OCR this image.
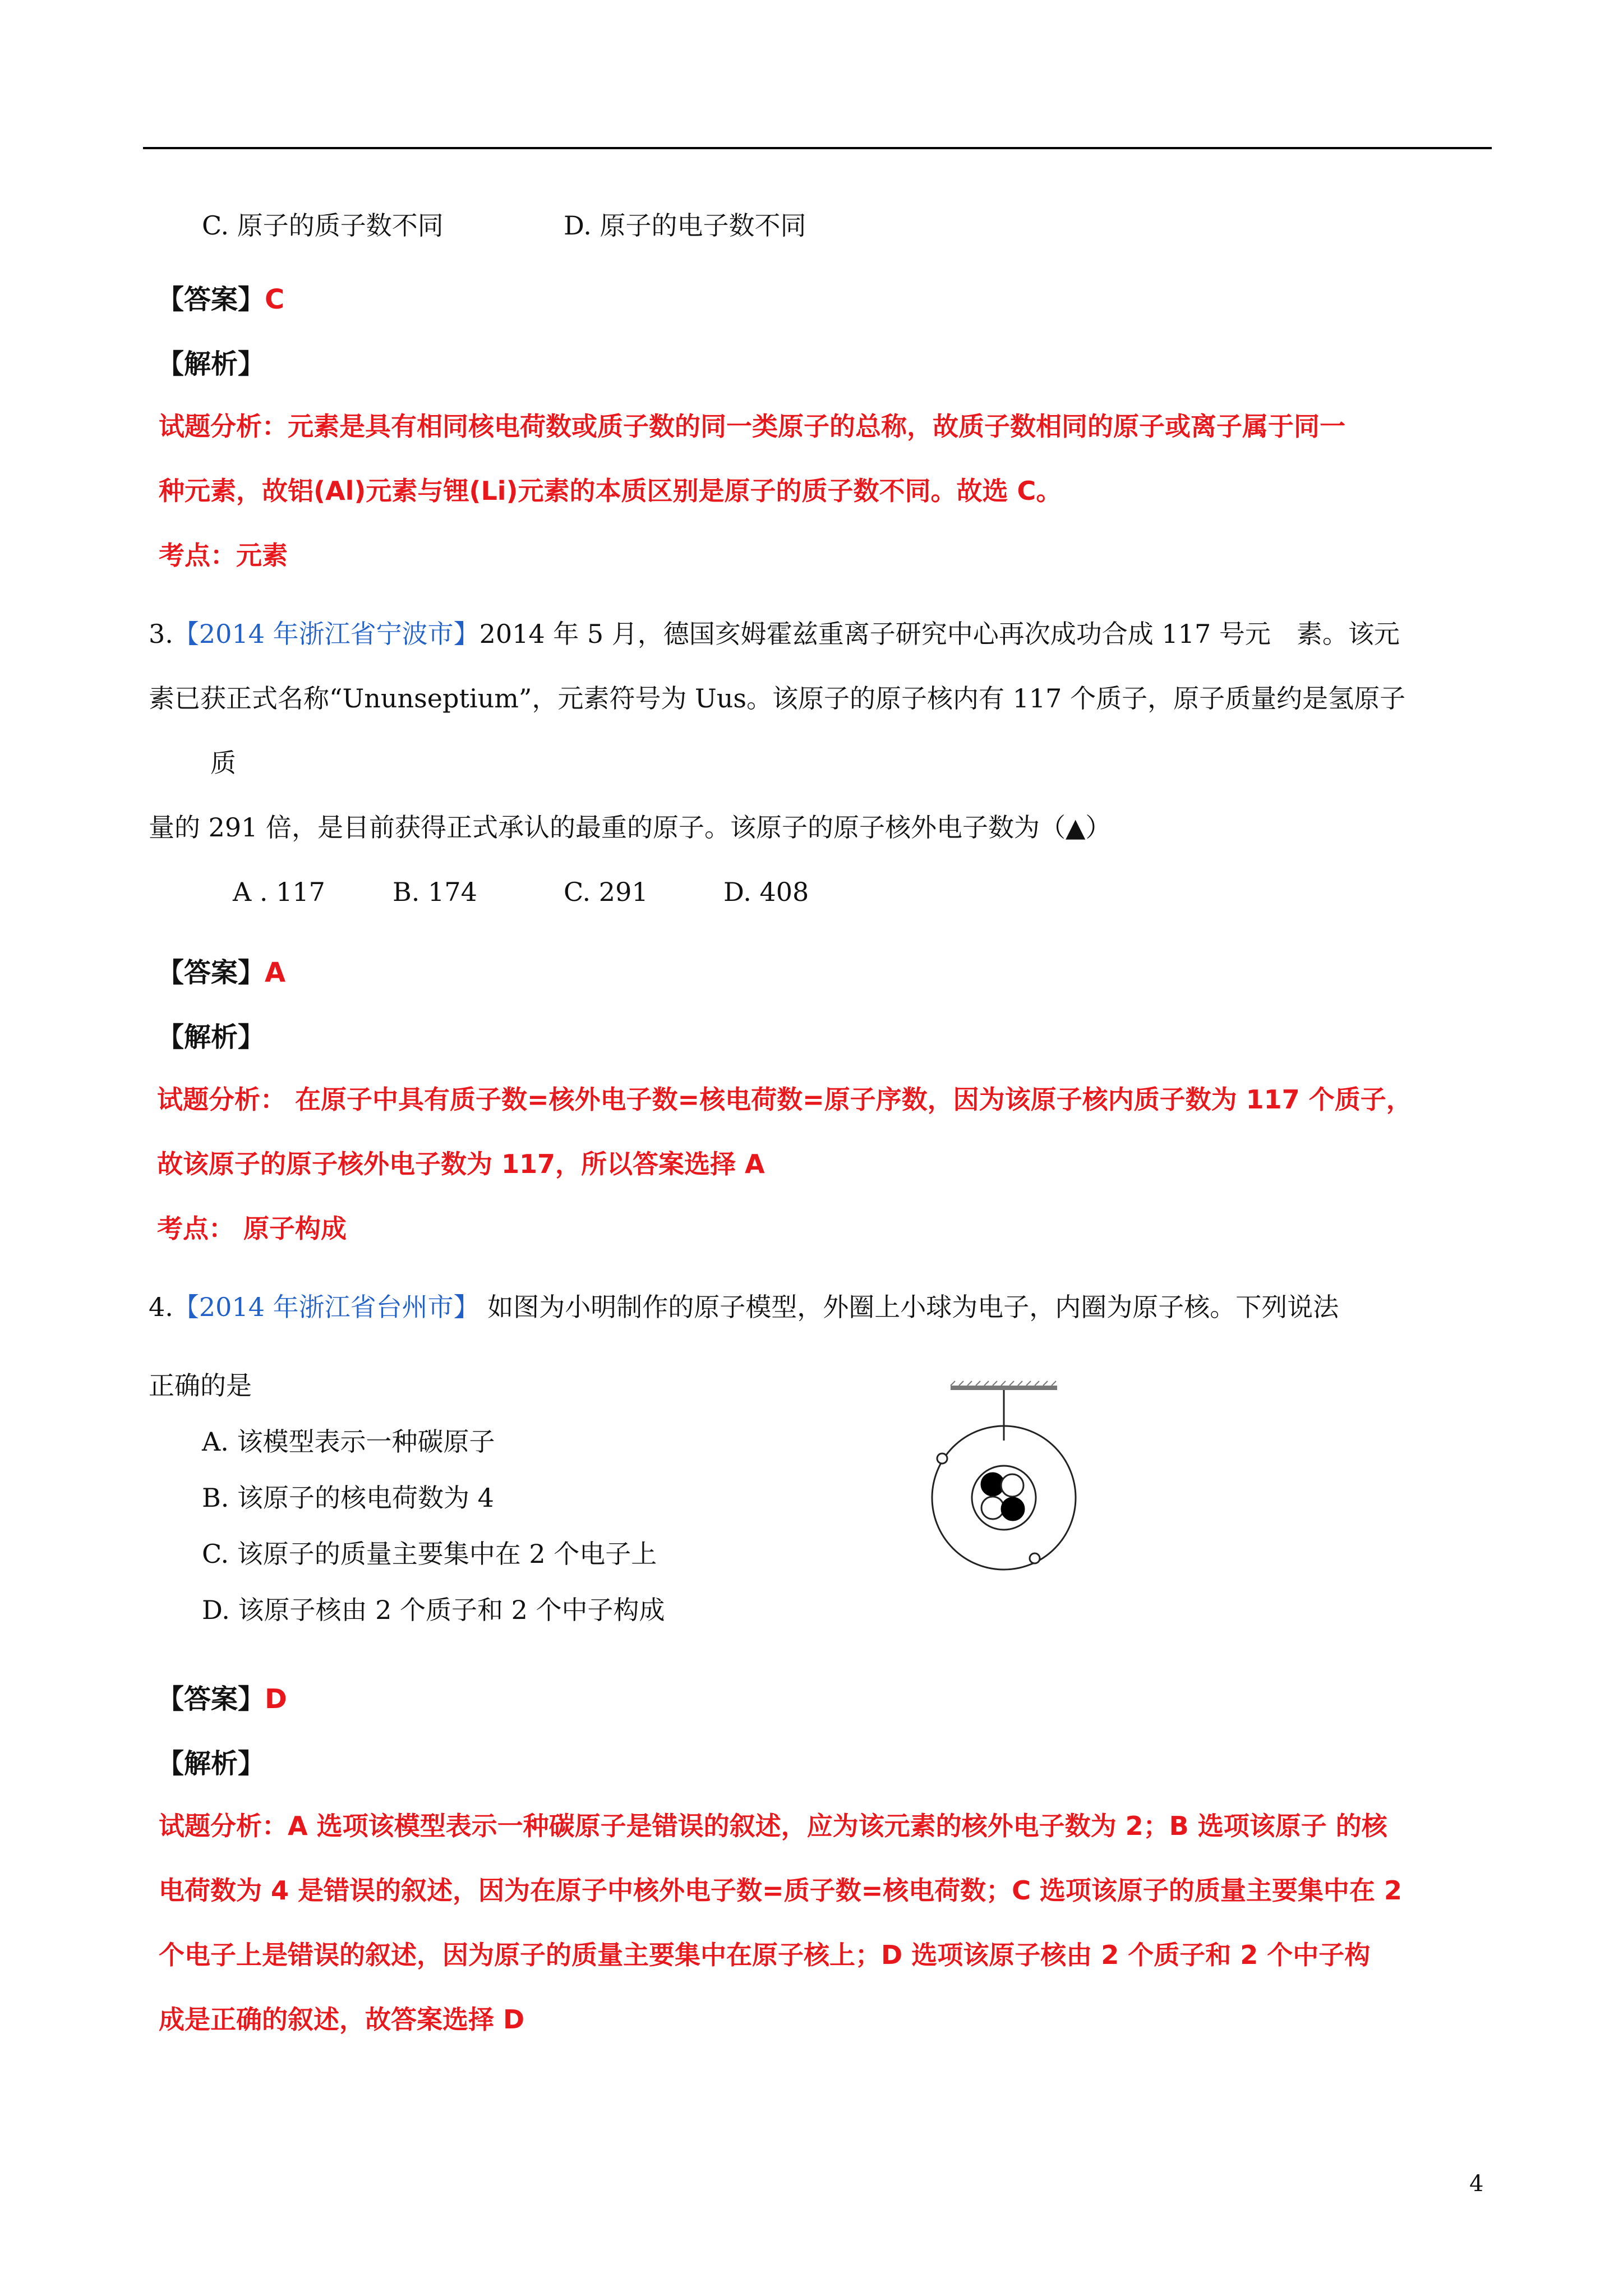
C. 原子的质子数不同	D. 原子的电子数不同
【答案】C
【解析】
试题分析：元素是具有相同核电荷数或质子数的同一类原子的总称，故质子数相同的原子或离子属于同一
种元素，故铝(Al)元素与锂(Li)元素的本质区别是原子的质子数不同。故选 C。
考点：元素
3.【2014 年浙江省宁波市】2014 年 5 月，德国亥姆霍兹重离子研究中心再次成功合成 117 号元　素。该元
素已获正式名称“Ununseptium”，元素符号为 Uus。该原子的原子核内有 117 个质子，原子质量约是氢原子
质
量的 291 倍，是目前获得正式承认的最重的原子。该原子的原子核外电子数为（▲）
A . 117	B. 174	C. 291	D. 408
【答案】A
【解析】
试题分析： 在原子中具有质子数=核外电子数=核电荷数=原子序数，因为该原子核内质子数为 117 个质子，
故该原子的原子核外电子数为 117，所以答案选择 A
考点： 原子构成
4.【2014 年浙江省台州市】 如图为小明制作的原子模型，外圈上小球为电子，内圈为原子核。下列说法
正确的是
A. 该模型表示一种碳原子
B. 该原子的核电荷数为 4
C. 该原子的质量主要集中在 2 个电子上
D. 该原子核由 2 个质子和 2 个中子构成
【答案】D
【解析】
试题分析：A 选项该模型表示一种碳原子是错误的叙述，应为该元素的核外电子数为 2；B 选项该原子 的核
电荷数为 4 是错误的叙述，因为在原子中核外电子数=质子数=核电荷数；C 选项该原子的质量主要集中在 2
个电子上是错误的叙述，因为原子的质量主要集中在原子核上；D 选项该原子核由 2 个质子和 2 个中子构
成是正确的叙述，故答案选择 D
4
